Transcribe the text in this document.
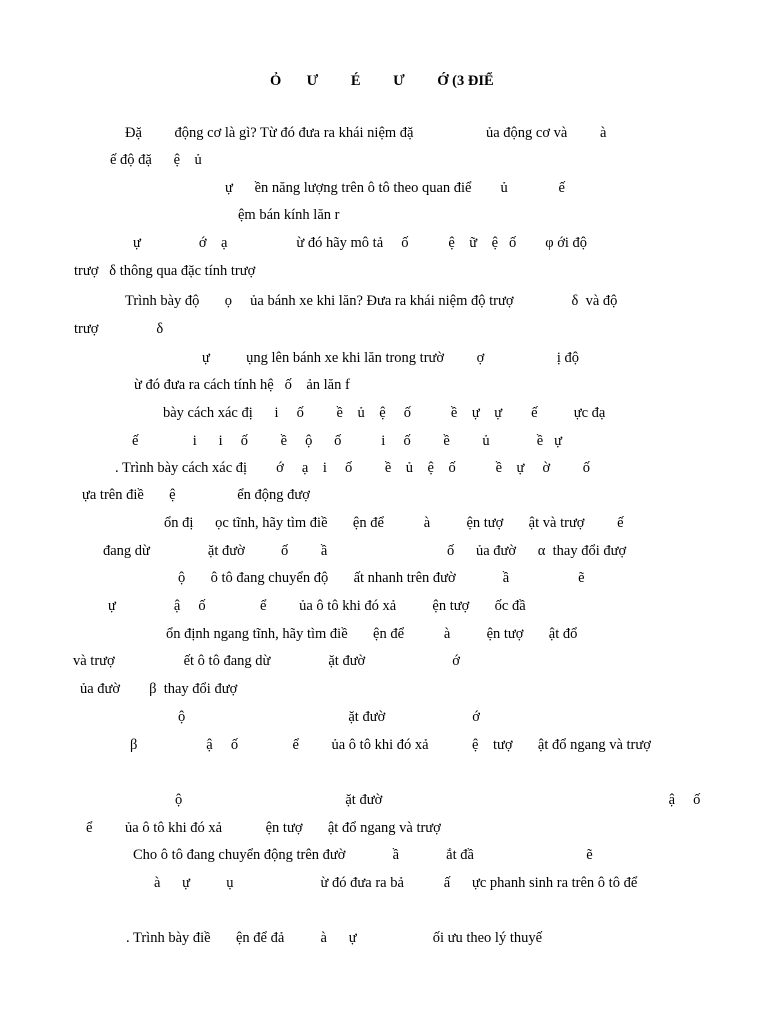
Ỏ       Ư         É         Ư         Ớ (3 ĐIỂ
Đặ         động cơ là gì? Từ đó đưa ra khái niệm đặ                    ủa động cơ và         à
ế độ đặ      ệ    ủ
ự      ền năng lượng trên ô tô theo quan điể        ủ              ế
ệm bán kính lăn r
ự                ớ    ạ                   ừ đó hãy mô tả     ố           ệ    ữ    ệ   ố        φ ới độ
trượ   δ thông qua đặc tính trượ
Trình bày độ       ọ     ủa bánh xe khi lăn? Đưa ra khái niệm độ trượ                δ  và độ
trượ                δ
ự          ụng lên bánh xe khi lăn trong trườ         ợ                    ị độ
ừ đó đưa ra cách tính hệ   ố    ản lăn f
bày cách xác đị      i     ố         ề    ủ    ệ     ố           ề    ự    ự        ế          ực đạ
ế               i      i     ố         ề     ộ      ố           i     ố         ề         ủ             ề   ự
. Trình bày cách xác đị        ớ     ạ    i     ố         ề    ủ    ệ    ố           ề    ự     ờ         ố
ựa trên điề       ệ                 ển động đượ
ổn đị      ọc tĩnh, hãy tìm điề       ện để           à          ện tượ       ật và trượ         ế
đang dừ                ặt đườ          ố         ầ                                 ố      ủa đườ      α  thay đổi đượ
ộ       ô tô đang chuyển độ       ất nhanh trên đườ             ầ                   ẽ
ự                ậ     ố               ể         ủa ô tô khi đó xả          ện tượ       ốc đầ
ổn định ngang tĩnh, hãy tìm điề       ện để           à          ện tượ       ật đổ
và trượ                   ết ô tô đang dừ                ặt đườ                        ớ
ủa đườ        β  thay đổi đượ
ộ                                             ặt đườ                        ớ
β                   ậ     ố               ể         ủa ô tô khi đó xả            ệ    tượ       ật đổ ngang và trượ
ộ                                             ặt đườ                                                                               ậ     ố
ể         ủa ô tô khi đó xả            ện tượ       ật đổ ngang và trượ
Cho ô tô đang chuyển động trên đườ             ầ             ắt đầ                               ẽ
à      ự          ụ                        ừ đó đưa ra bả           ấ      ực phanh sinh ra trên ô tô để
. Trình bày điề       ện để đả          à      ự                     ối ưu theo lý thuyế
